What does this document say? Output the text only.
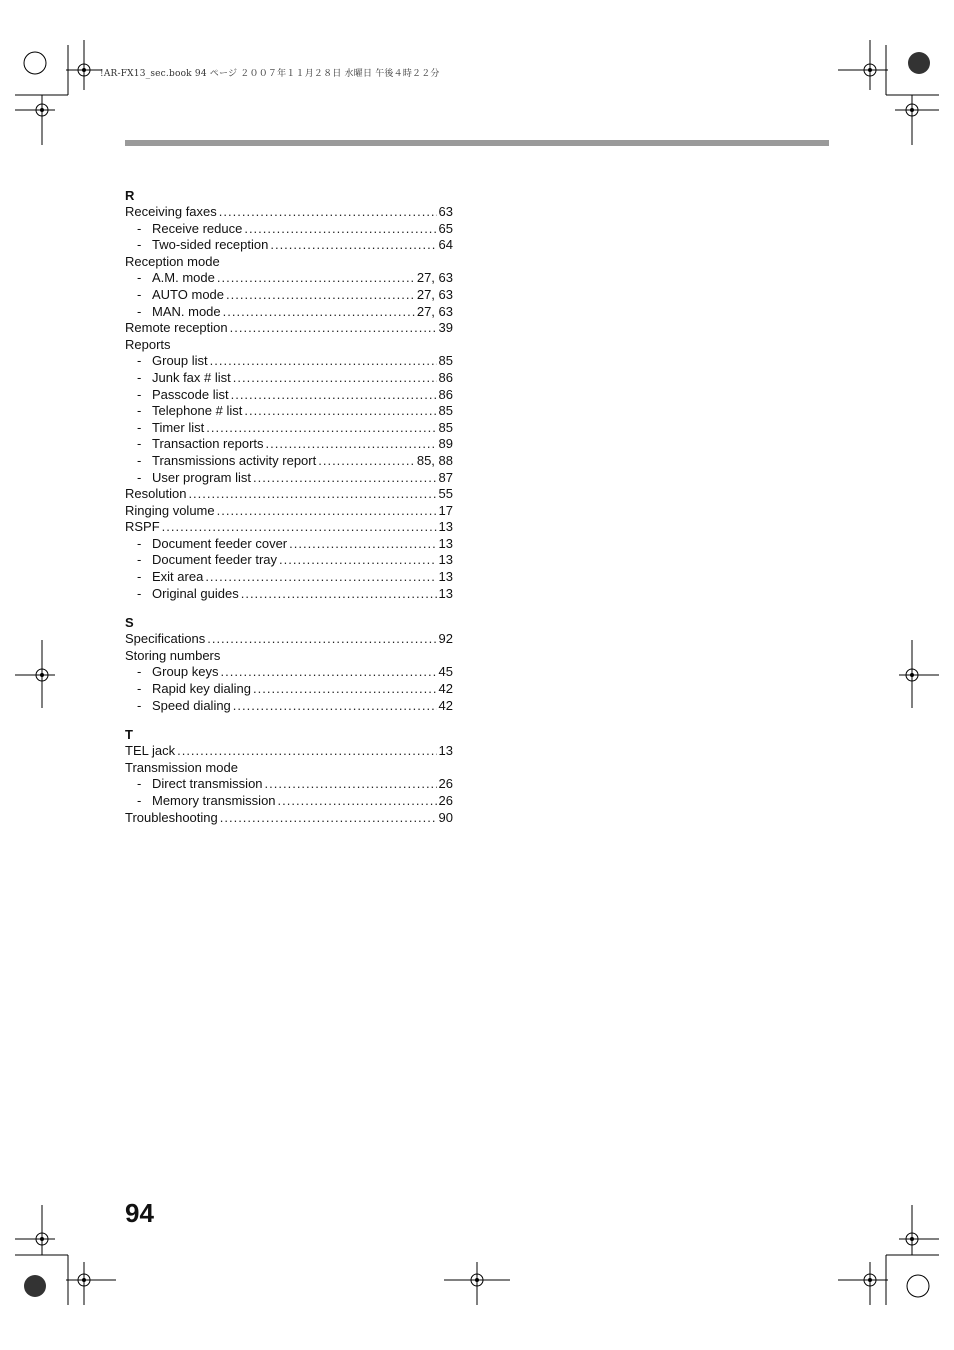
!AR-FX13_sec.book 94 ページ ２００７年１１月２８日 水曜日 午後４時２２分
R
Receiving faxes .....	63
- Receive reduce .....	65
- Two-sided reception .....	64
Reception mode
- A.M. mode .....	27, 63
- AUTO mode .....	27, 63
- MAN. mode .....	27, 63
Remote reception .....	39
Reports
- Group list .....	85
- Junk fax # list .....	86
- Passcode list .....	86
- Telephone # list .....	85
- Timer list .....	85
- Transaction reports .....	89
- Transmissions activity report .....	85, 88
- User program list .....	87
Resolution .....	55
Ringing volume .....	17
RSPF .....	13
- Document feeder cover .....	13
- Document feeder tray .....	13
- Exit area .....	13
- Original guides .....	13
S
Specifications .....	92
Storing numbers
- Group keys .....	45
- Rapid key dialing .....	42
- Speed dialing .....	42
T
TEL jack .....	13
Transmission mode
- Direct transmission .....	26
- Memory transmission .....	26
Troubleshooting .....	90
94
